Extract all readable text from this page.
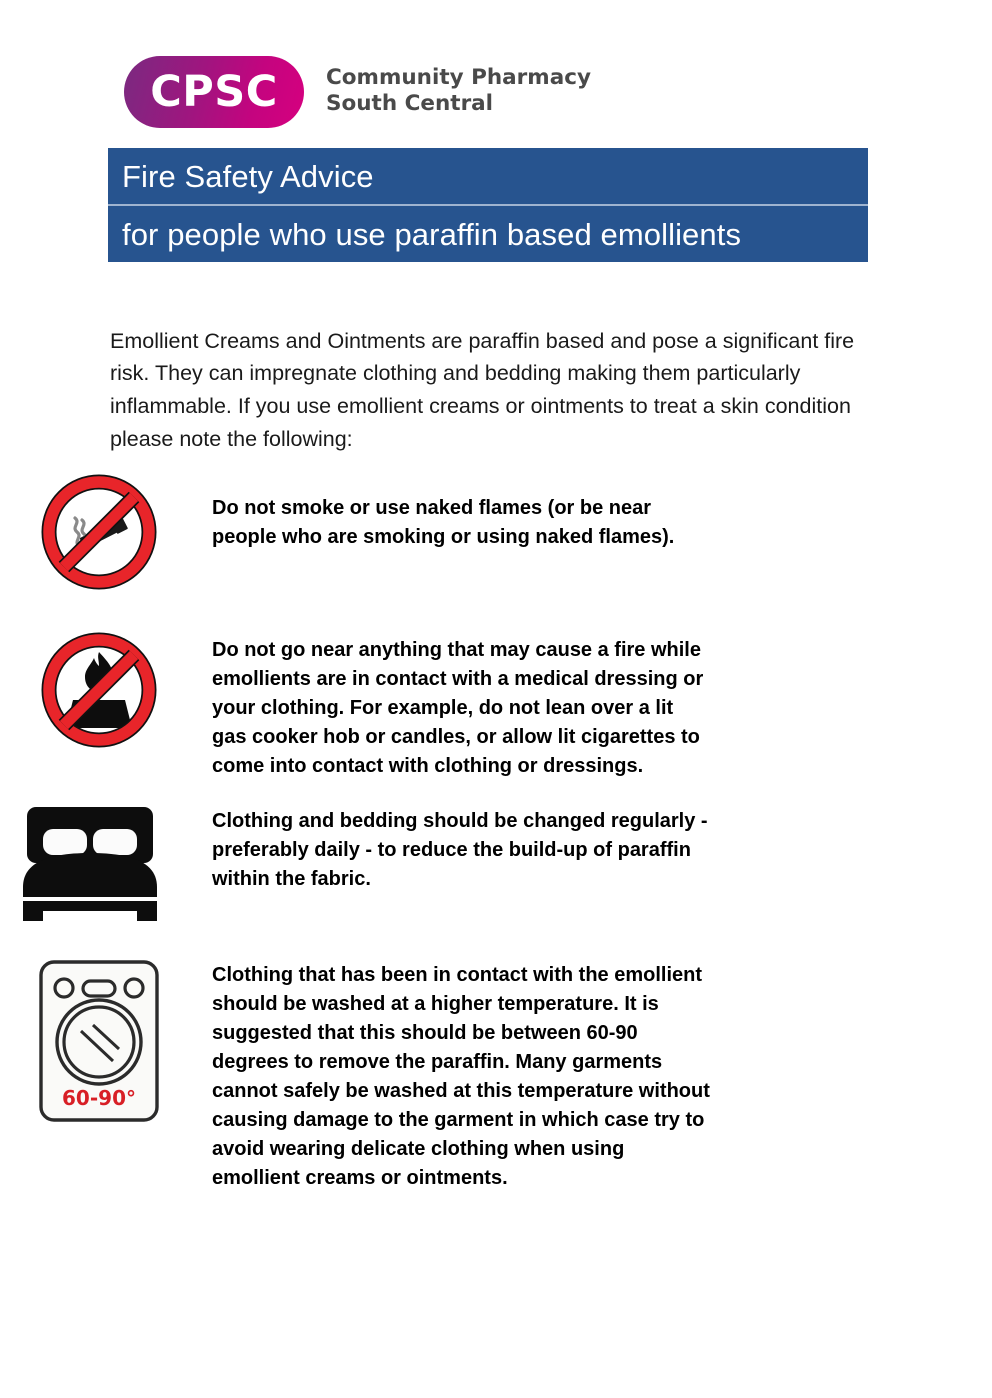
CPSC Community Pharmacy
South Central
Fire Safety Advice
for people who use paraffin based emollients

Emollient Creams and Ointments are paraffin based and pose a significant fire risk. They can impregnate clothing and bedding making them particularly inflammable. If you use emollient creams or ointments to treat a skin condition please note the following:

Do not smoke or use naked flames (or be near people who are smoking or using naked flames).
Do not go near anything that may cause a fire while emollients are in contact with a medical dressing or your clothing. For example, do not lean over a lit gas cooker hob or candles, or allow lit cigarettes to come into contact with clothing or dressings.
Clothing and bedding should be changed regularly - preferably daily - to reduce the build-up of paraffin within the fabric.
60-90°
Clothing that has been in contact with the emollient should be washed at a higher temperature. It is suggested that this should be between 60-90 degrees to remove the paraffin. Many garments cannot safely be washed at this temperature without causing damage to the garment in which case try to avoid wearing delicate clothing when using emollient creams or ointments.
